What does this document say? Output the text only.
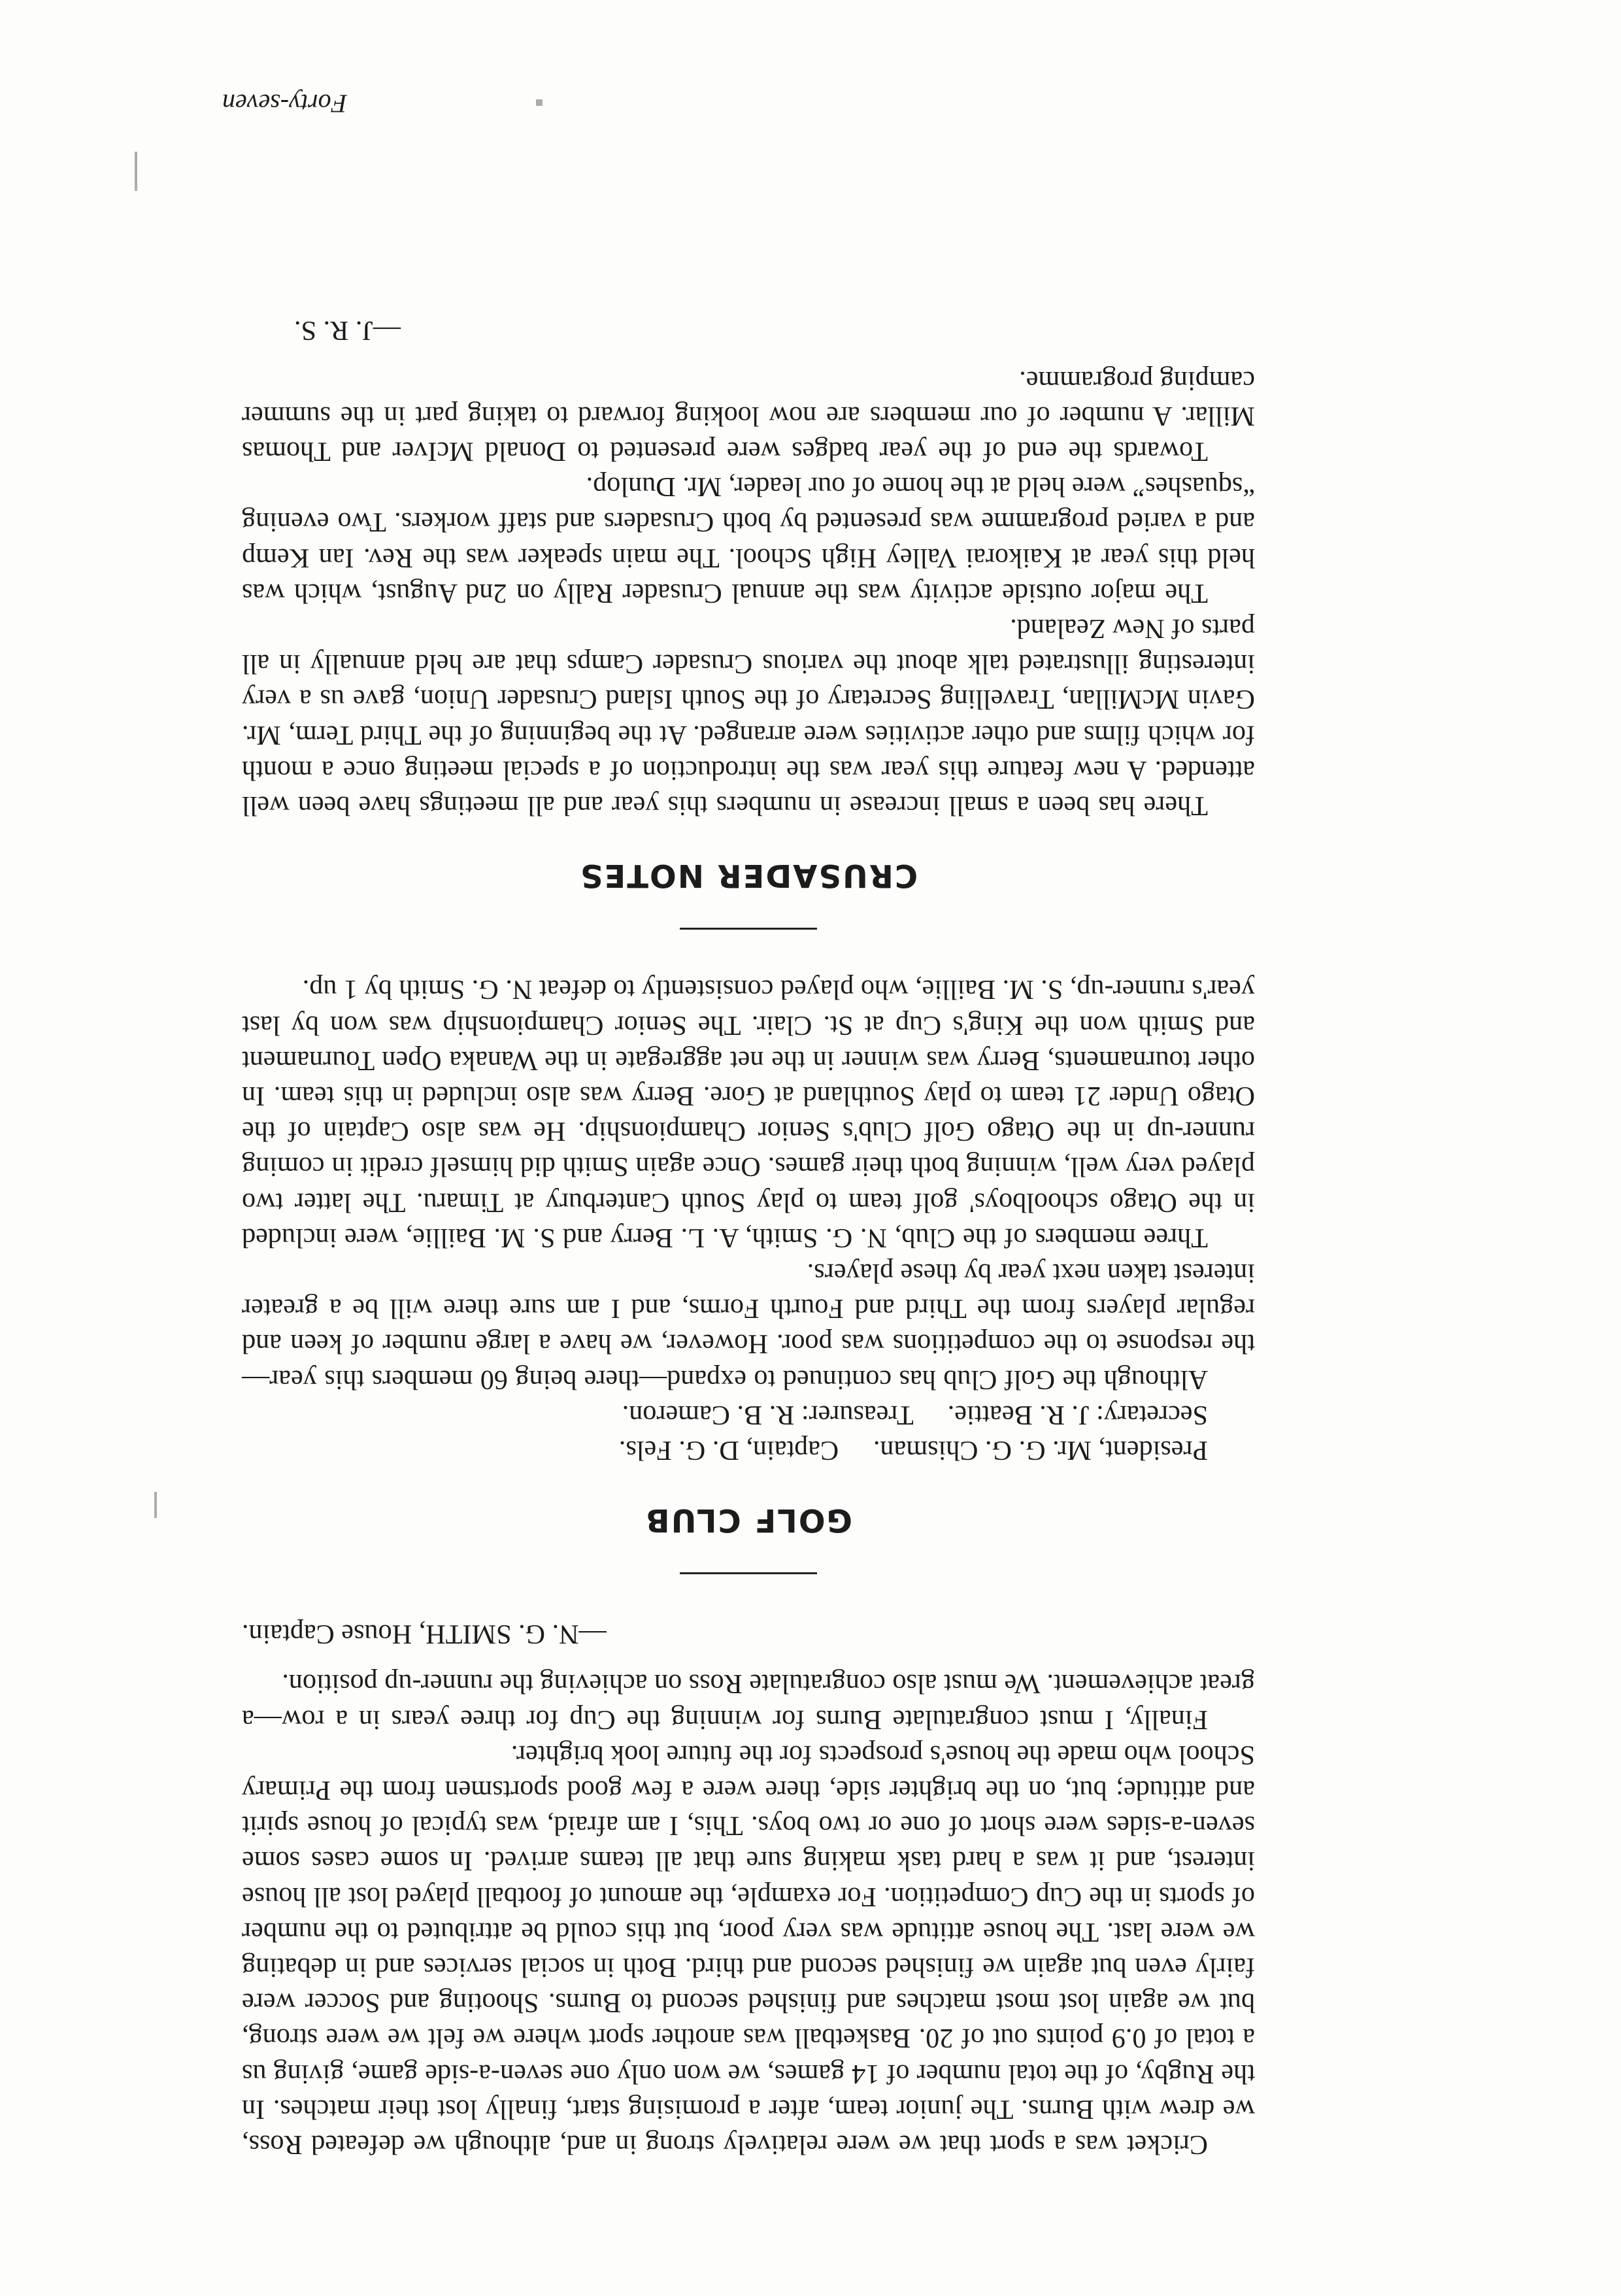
Cricket was a sport that we were relatively strong in and, although we defeated Ross, we drew with Burns. The junior team, after a promising start, finally lost their matches. In the Rugby, of the total number of 14 games, we won only one seven-a-side game, giving us a total of 0.9 points out of 20. Basketball was another sport where we felt we were strong, but we again lost most matches and finished second to Burns. Shooting and Soccer were fairly even but again we finished second and third. Both in social services and in debating we were last. The house attitude was very poor, but this could be attributed to the number of sports in the Cup Competition. For example, the amount of football played lost all house interest, and it was a hard task making sure that all teams arrived. In some cases some seven-a-sides were short of one or two boys. This, I am afraid, was typical of house spirit and attitude; but, on the brighter side, there were a few good sportsmen from the Primary School who made the house's prospects for the future look brighter.

Finally, I must congratulate Burns for winning the Cup for three years in a row—a great achievement. We must also congratulate Ross on achieving the runner-up position.

—N. G. SMITH, House Captain.

GOLF CLUB

President, Mr. G. G. Chisman.     Captain, D. G. Fels.

Secretary: J. R. Beattie.     Treasurer: R. B. Cameron.

Although the Golf Club has continued to expand—there being 60 members this year—the response to the competitions was poor. However, we have a large number of keen and regular players from the Third and Fourth Forms, and I am sure there will be a greater interest taken next year by these players.

Three members of the Club, N. G. Smith, A. L. Berry and S. M. Baillie, were included in the Otago schoolboys' golf team to play South Canterbury at Timaru. The latter two played very well, winning both their games. Once again Smith did himself credit in coming runner-up in the Otago Golf Club's Senior Championship. He was also Captain of the Otago Under 21 team to play Southland at Gore. Berry was also included in this team. In other tournaments, Berry was winner in the net aggregate in the Wanaka Open Tournament and Smith won the King's Cup at St. Clair. The Senior Championship was won by last year's runner-up, S. M. Baillie, who played consistently to defeat N. G. Smith by 1 up.

CRUSADER NOTES

There has been a small increase in numbers this year and all meetings have been well attended. A new feature this year was the introduction of a special meeting once a month for which films and other activities were arranged. At the beginning of the Third Term, Mr. Gavin McMillan, Travelling Secretary of the South Island Crusader Union, gave us a very interesting illustrated talk about the various Crusader Camps that are held annually in all parts of New Zealand.

The major outside activity was the annual Crusader Rally on 2nd August, which was held this year at Kaikorai Valley High School. The main speaker was the Rev. Ian Kemp and a varied programme was presented by both Crusaders and staff workers. Two evening “squashes” were held at the home of our leader, Mr. Dunlop.

Towards the end of the year badges were presented to Donald McIver and Thomas Millar. A number of our members are now looking forward to taking part in the summer camping programme.

—J. R. S.

Forty-seven
